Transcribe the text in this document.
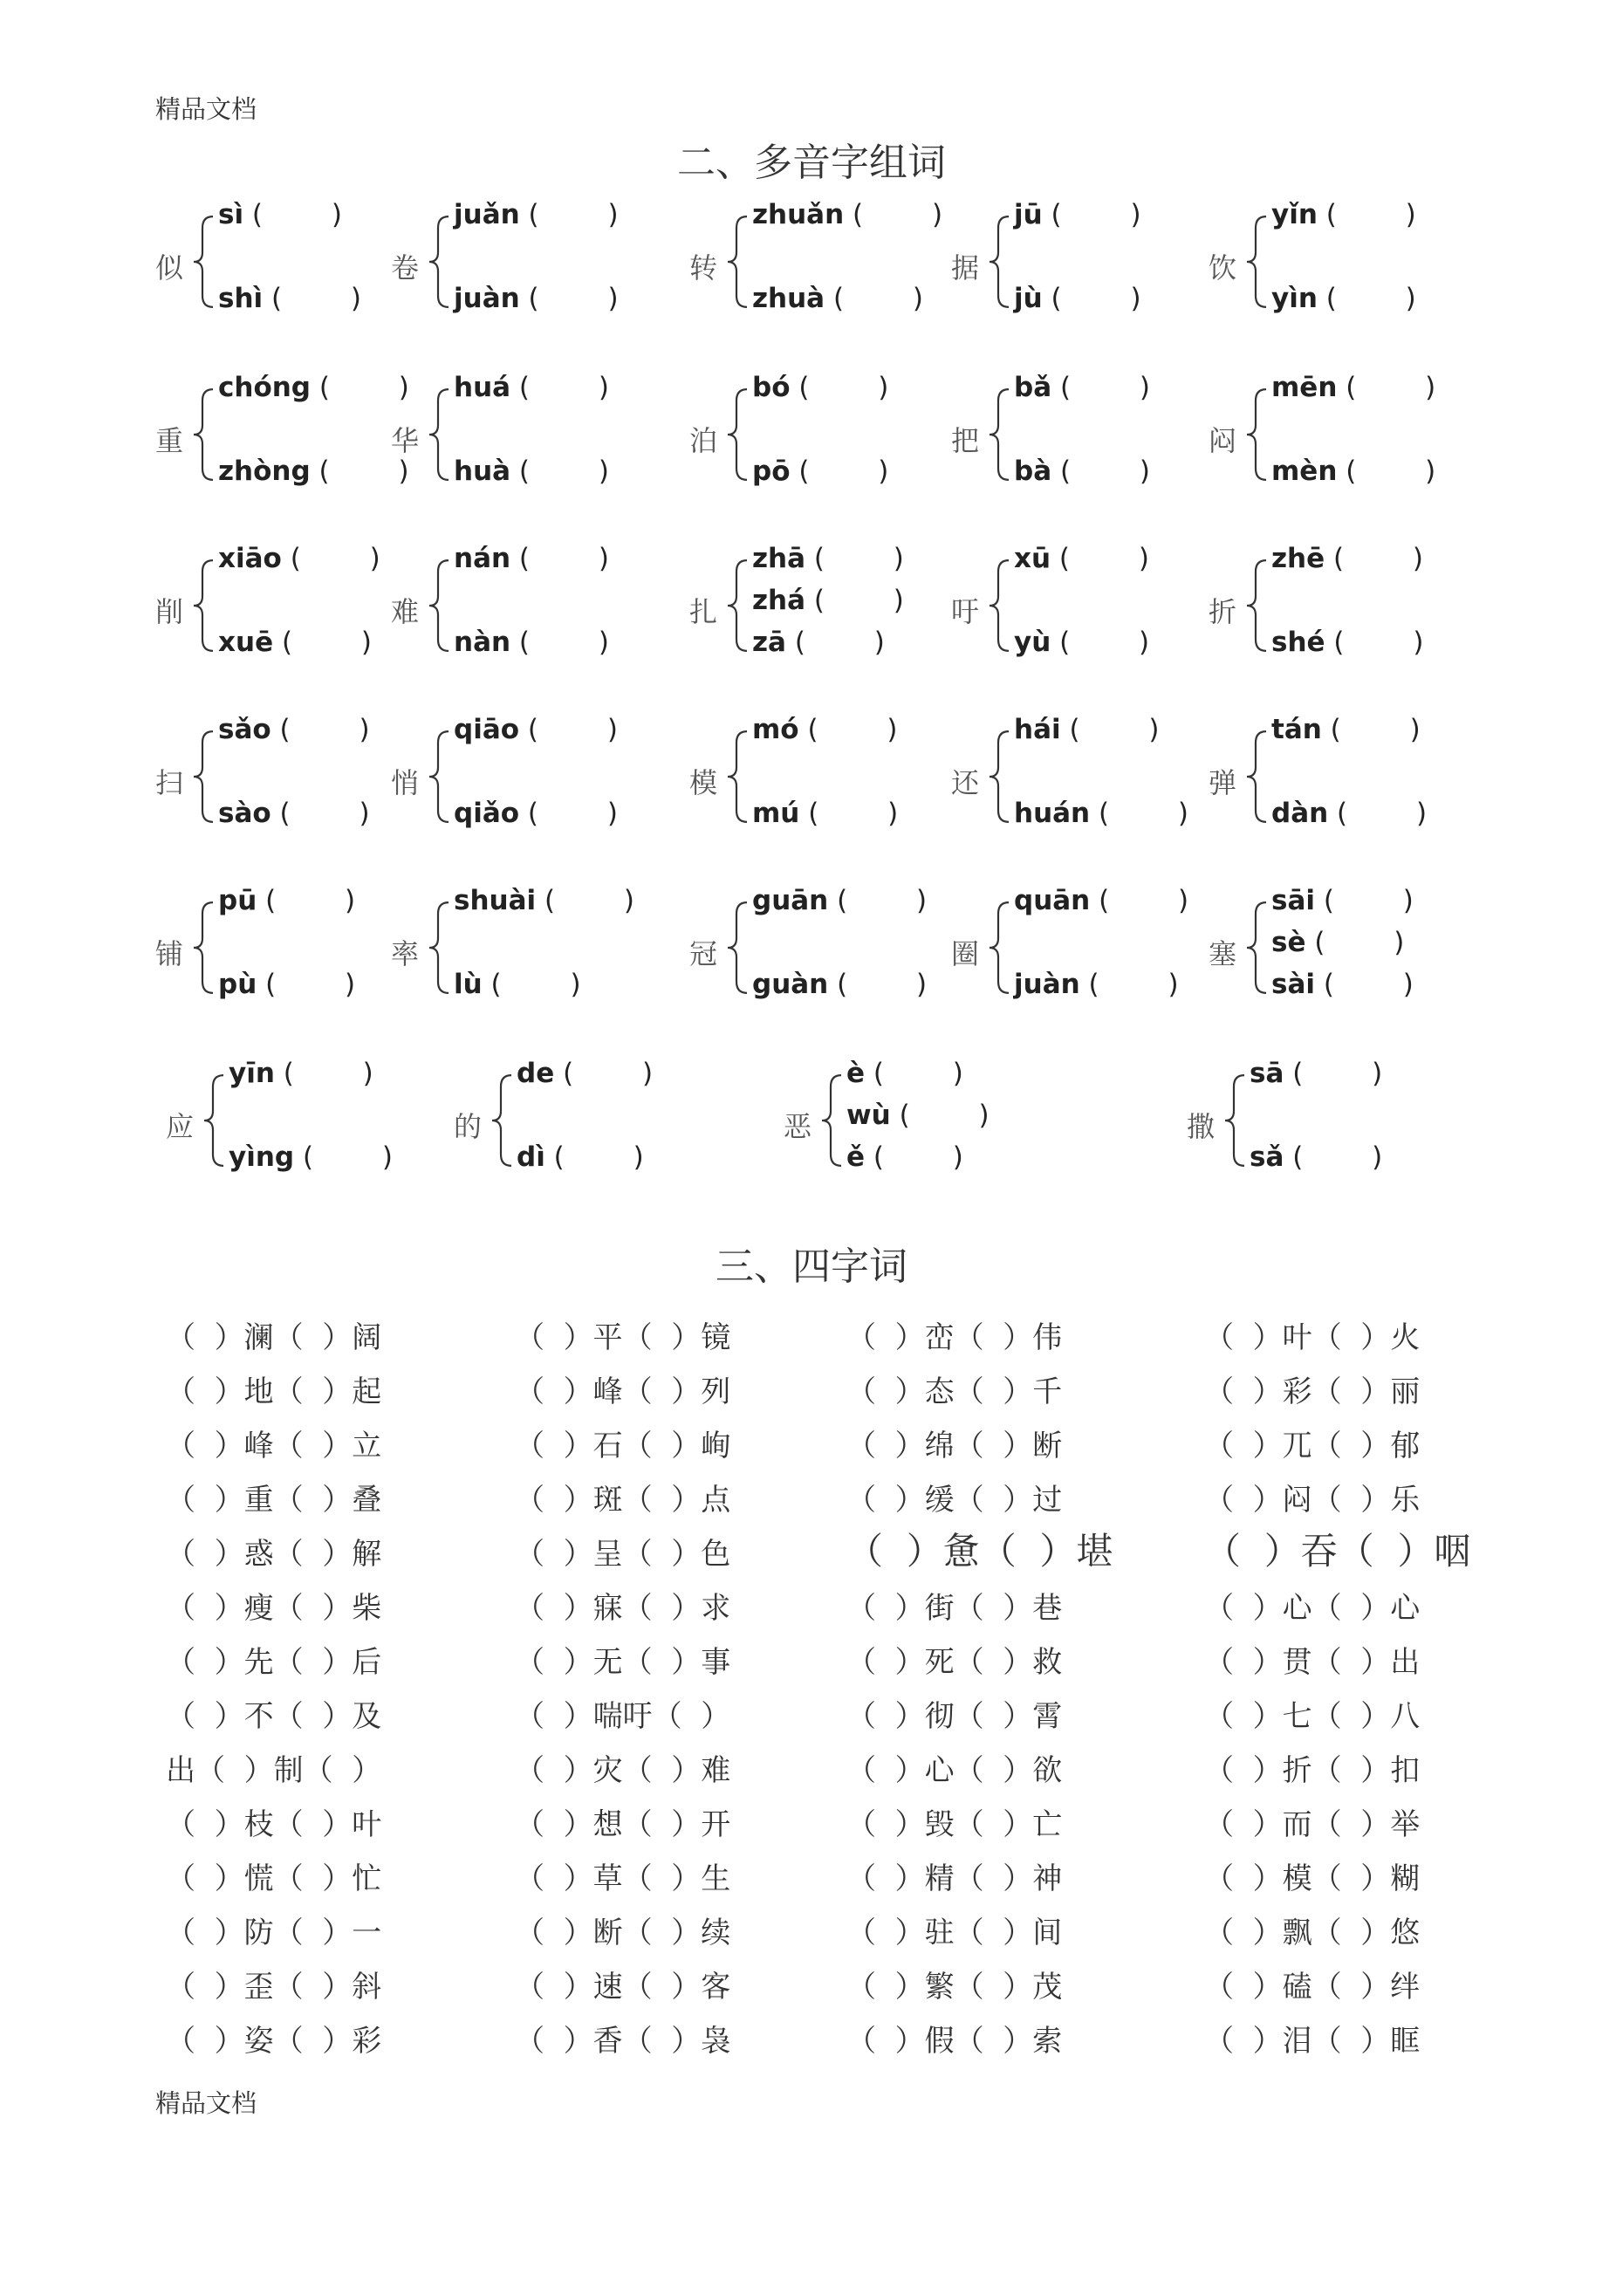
精品文档
二、多音字组词
似
sì (        )
shì (        )
卷
juǎn (        )
juàn (        )
转
zhuǎn (        )
zhuà (        )
据
jū (        )
jù (        )
饮
yǐn (        )
yìn (        )
重
chóng (        )
zhòng (        )
华
huá (        )
huà (        )
泊
bó (        )
pō (        )
把
bǎ (        )
bà (        )
闷
mēn (        )
mèn (        )
削
xiāo (        )
xuē (        )
难
nán (        )
nàn (        )
扎
zhā (        )
zhá (        )
zā (        )
吁
xū (        )
yù (        )
折
zhē (        )
shé (        )
扫
sǎo (        )
sào (        )
悄
qiāo (        )
qiǎo (        )
模
mó (        )
mú (        )
还
hái (        )
huán (        )
弹
tán (        )
dàn (        )
铺
pū (        )
pù (        )
率
shuài (        )
lù (        )
冠
guān (        )
guàn (        )
圈
quān (        )
juàn (        )
塞
sāi (        )
sè (        )
sài (        )
应
yīn (        )
yìng (        )
的
de (        )
dì (        )
恶
è (        )
wù (        )
ě (        )
撒
sā (        )
sǎ (        )
三、四字词
（  ）澜（  ）阔	（  ）平（  ）镜	（  ）峦（  ）伟	（  ）叶（  ）火
（  ）地（  ）起	（  ）峰（  ）列	（  ）态（  ）千	（  ）彩（  ）丽
（  ）峰（  ）立	（  ）石（  ）峋	（  ）绵（  ）断	（  ）兀（  ）郁
（  ）重（  ）叠	（  ）斑（  ）点	（  ）缓（  ）过	（  ）闷（  ）乐
（  ）惑（  ）解	（  ）呈（  ）色	（  ）惫（  ）堪 （  ）吞（  ）咽
（  ）瘦（  ）柴	（  ）寐（  ）求	（  ）街（  ）巷	（  ）心（  ）心
（  ）先（  ）后	（  ）无（  ）事	（  ）死（  ）救	（  ）贯（  ）出
（  ）不（  ）及	（  ）喘吁（  ）	（  ）彻（  ）霄	（  ）七（  ）八
出（  ）制（  ）	（  ）灾（  ）难	（  ）心（  ）欲	（  ）折（  ）扣
（  ）枝（  ）叶	（  ）想（  ）开	（  ）毁（  ）亡	（  ）而（  ）举
（  ）慌（  ）忙	（  ）草（  ）生	（  ）精（  ）神	（  ）模（  ）糊
（  ）防（  ）一	（  ）断（  ）续	（  ）驻（  ）间	（  ）飘（  ）悠
（  ）歪（  ）斜	（  ）速（  ）客	（  ）繁（  ）茂	（  ）磕（  ）绊
（  ）姿（  ）彩	（  ）香（  ）袅	（  ）假（  ）索	（  ）泪（  ）眶
精品文档
